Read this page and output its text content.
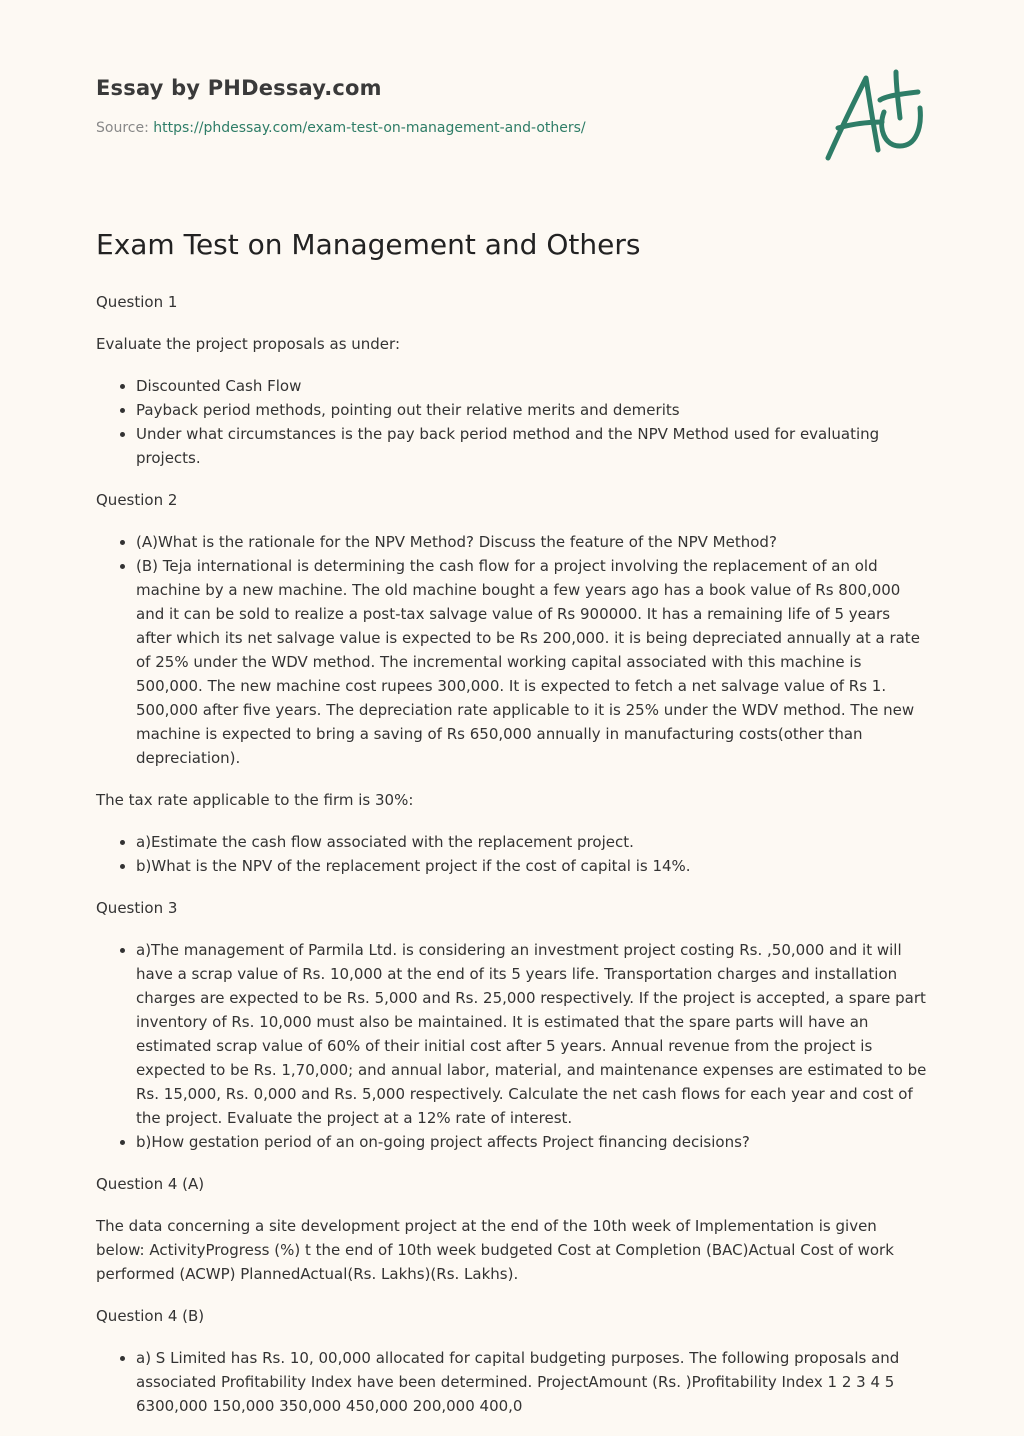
Essay by PHDessay.com
Source: https://phdessay.com/exam-test-on-management-and-others/
Exam Test on Management and Others

Question 1

Evaluate the project proposals as under:

• Discounted Cash Flow
• Payback period methods, pointing out their relative merits and demerits
• Under what circumstances is the pay back period method and the NPV Method used for evaluating projects.

Question 2

• (A)What is the rationale for the NPV Method? Discuss the feature of the NPV Method?
• (B) Teja international is determining the cash flow for a project involving the replacement of an old machine by a new machine. The old machine bought a few years ago has a book value of Rs 800,000 and it can be sold to realize a post-tax salvage value of Rs 900000. It has a remaining life of 5 years after which its net salvage value is expected to be Rs 200,000. it is being depreciated annually at a rate of 25% under the WDV method. The incremental working capital associated with this machine is 500,000. The new machine cost rupees 300,000. It is expected to fetch a net salvage value of Rs 1. 500,000 after five years. The depreciation rate applicable to it is 25% under the WDV method. The new machine is expected to bring a saving of Rs 650,000 annually in manufacturing costs(other than depreciation).

The tax rate applicable to the firm is 30%:

• a)Estimate the cash flow associated with the replacement project.
• b)What is the NPV of the replacement project if the cost of capital is 14%.

Question 3

• a)The management of Parmila Ltd. is considering an investment project costing Rs. ,50,000 and it will have a scrap value of Rs. 10,000 at the end of its 5 years life. Transportation charges and installation charges are expected to be Rs. 5,000 and Rs. 25,000 respectively. If the project is accepted, a spare part inventory of Rs. 10,000 must also be maintained. It is estimated that the spare parts will have an estimated scrap value of 60% of their initial cost after 5 years. Annual revenue from the project is expected to be Rs. 1,70,000; and annual labor, material, and maintenance expenses are estimated to be Rs. 15,000, Rs. 0,000 and Rs. 5,000 respectively. Calculate the net cash flows for each year and cost of the project. Evaluate the project at a 12% rate of interest.
• b)How gestation period of an on-going project affects Project financing decisions?

Question 4 (A)

The data concerning a site development project at the end of the 10th week of Implementation is given below: ActivityProgress (%) t the end of 10th week budgeted Cost at Completion (BAC)Actual Cost of work performed (ACWP) PlannedActual(Rs. Lakhs)(Rs. Lakhs).

Question 4 (B)

• a) S Limited has Rs. 10, 00,000 allocated for capital budgeting purposes. The following proposals and associated Profitability Index have been determined. ProjectAmount (Rs. )Profitability Index 1 2 3 4 5 6300,000 150,000 350,000 450,000 200,000 400,0
